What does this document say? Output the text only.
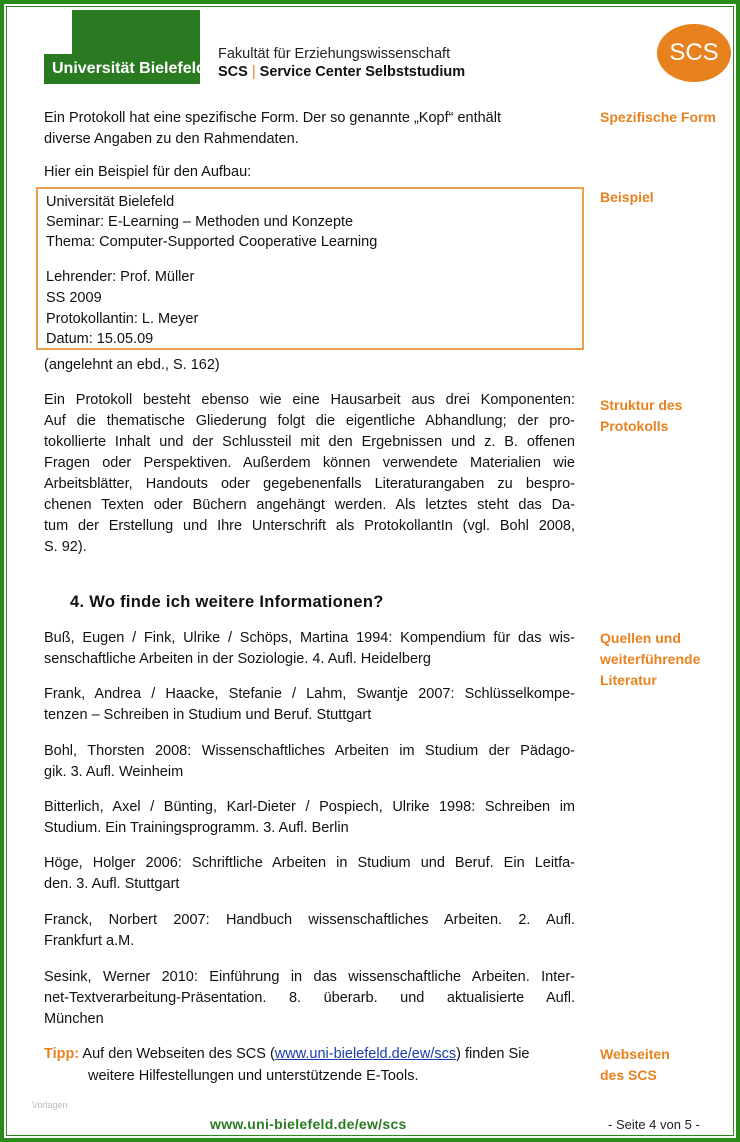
Universität Bielefeld
Fakultät für Erziehungswissenschaft
SCS | Service Center Selbststudium
SCS
Ein Protokoll hat eine spezifische Form. Der so genannte „Kopf“ enthält
diverse Angaben zu den Rahmendaten.
Hier ein Beispiel für den Aufbau:
Universität Bielefeld
Seminar: E-Learning – Methoden und Konzepte
Thema: Computer-Supported Cooperative Learning
Lehrender: Prof. Müller
SS 2009
Protokollantin: L. Meyer
Datum: 15.05.09
(angelehnt an ebd., S. 162)
Ein Protokoll besteht ebenso wie eine Hausarbeit aus drei Komponenten:
Auf die thematische Gliederung folgt die eigentliche Abhandlung; der pro-
tokollierte Inhalt und der Schlussteil mit den Ergebnissen und z. B. offenen
Fragen oder Perspektiven. Außerdem können verwendete Materialien wie
Arbeitsblätter, Handouts oder gegebenenfalls Literaturangaben zu bespro-
chenen Texten oder Büchern angehängt werden. Als letztes steht das Da-
tum der Erstellung und Ihre Unterschrift als ProtokollantIn (vgl. Bohl 2008,
S. 92).
4. Wo finde ich weitere Informationen?
Buß, Eugen / Fink, Ulrike / Schöps, Martina 1994: Kompendium für das wis-
senschaftliche Arbeiten in der Soziologie. 4. Aufl. Heidelberg
Frank, Andrea / Haacke, Stefanie / Lahm, Swantje 2007: Schlüsselkompe-
tenzen – Schreiben in Studium und Beruf. Stuttgart
Bohl, Thorsten 2008: Wissenschaftliches Arbeiten im Studium der Pädago-
gik. 3. Aufl. Weinheim
Bitterlich, Axel / Bünting, Karl-Dieter / Pospiech, Ulrike 1998: Schreiben im
Studium. Ein Trainingsprogramm. 3. Aufl. Berlin
Höge, Holger 2006: Schriftliche Arbeiten in Studium und Beruf. Ein Leitfa-
den. 3. Aufl. Stuttgart
Franck, Norbert 2007: Handbuch wissenschaftliches Arbeiten. 2. Aufl.
Frankfurt a.M.
Sesink, Werner 2010: Einführung in das wissenschaftliche Arbeiten. Inter-
net-Textverarbeitung-Präsentation. 8. überarb. und aktualisierte Aufl.
München
Tipp: Auf den Webseiten des SCS (www.uni-bielefeld.de/ew/scs) finden Sie
weitere Hilfestellungen und unterstützende E-Tools.
Spezifische Form
Beispiel
Struktur des
Protokolls
Quellen und
weiterführende
Literatur
Webseiten
des SCS
Vorlagen
www.uni-bielefeld.de/ew/scs	- Seite 4 von 5 -
